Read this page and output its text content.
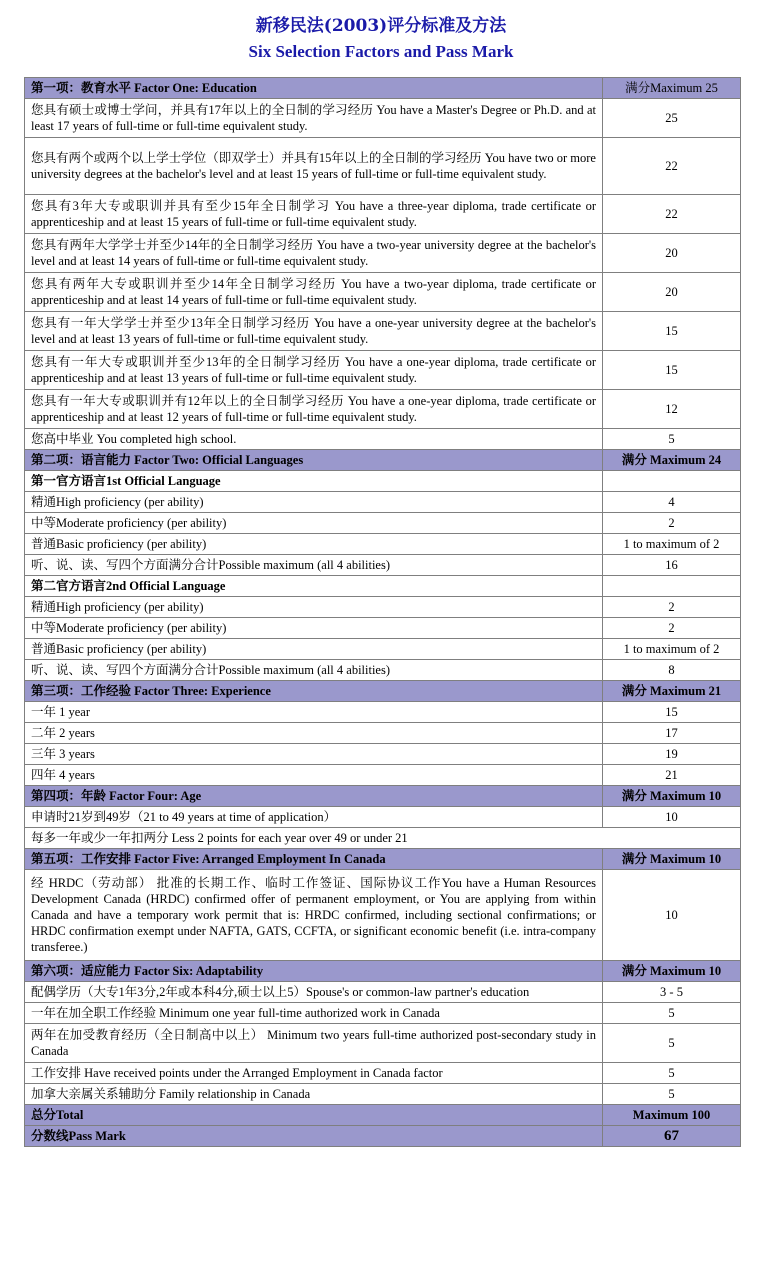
新移民法(2003)评分标准及方法
Six Selection Factors and Pass Mark
第一项：教育水平 Factor One: Education	满分Maximum 25
您具有硕士或博士学问，并具有17年以上的全日制的学习经历 You have a Master's Degree or Ph.D. and at least 17 years of full-time or full-time equivalent study.	25
您具有两个或两个以上学士学位（即双学士）并具有15年以上的全日制的学习经历 You have two or more university degrees at the bachelor's level and at least 15 years of full-time or full-time equivalent study.	22
您具有3年大专或职训并具有至少15年全日制学习 You have a three-year diploma, trade certificate or apprenticeship and at least 15 years of full-time or full-time equivalent study.	22
您具有两年大学学士并至少14年的全日制学习经历 You have a two-year university degree at the bachelor's level and at least 14 years of full-time or full-time equivalent study.	20
您具有两年大专或职训并至少14年全日制学习经历 You have a two-year diploma, trade certificate or apprenticeship and at least 14 years of full-time or full-time equivalent study.	20
您具有一年大学学士并至少13年全日制学习经历 You have a one-year university degree at the bachelor's level and at least 13 years of full-time or full-time equivalent study.	15
您具有一年大专或职训并至少13年的全日制学习经历 You have a one-year diploma, trade certificate or apprenticeship and at least 13 years of full-time or full-time equivalent study.	15
您具有一年大专或职训并有12年以上的全日制学习经历 You have a one-year diploma, trade certificate or apprenticeship and at least 12 years of full-time or full-time equivalent study.	12
您高中毕业 You completed high school.	5
第二项：语言能力 Factor Two: Official Languages	满分 Maximum 24
第一官方语言1st Official Language	
精通High proficiency (per ability)	4
中等Moderate proficiency (per ability)	2
普通Basic proficiency (per ability)	1 to maximum of 2
听、说、读、写四个方面满分合计Possible maximum (all 4 abilities)	16
第二官方语言2nd Official Language	
精通High proficiency (per ability)	2
中等Moderate proficiency (per ability)	2
普通Basic proficiency (per ability)	1 to maximum of 2
听、说、读、写四个方面满分合计Possible maximum (all 4 abilities)	8
第三项：工作经验 Factor Three: Experience	满分 Maximum 21
一年 1 year	15
二年 2 years	17
三年 3 years	19
四年 4 years	21
第四项：年龄 Factor Four: Age	满分 Maximum 10
申请时21岁到49岁（21 to 49 years at time of application）	10
每多一年或少一年扣两分 Less 2 points for each year over 49 or under 21	
第五项：工作安排 Factor Five: Arranged Employment In Canada	满分 Maximum 10
经 HRDC（劳动部） 批准的长期工作、临时工作签证、国际协议工作You have a Human Resources Development Canada (HRDC) confirmed offer of permanent employment, or You are applying from within Canada and have a temporary work permit that is: HRDC confirmed, including sectional confirmations; or HRDC confirmation exempt under NAFTA, GATS, CCFTA, or significant economic benefit (i.e. intra-company transferee.)	10
第六项：适应能力 Factor Six: Adaptability	满分 Maximum 10
配偶学历（大专1年3分,2年或本科4分,硕士以上5）Spouse's or common-law partner's education	3 - 5
一年在加全职工作经验 Minimum one year full-time authorized work in Canada	5
两年在加受教育经历（全日制高中以上） Minimum two years full-time authorized post-secondary study in Canada	5
工作安排 Have received points under the Arranged Employment in Canada factor	5
加拿大亲属关系辅助分 Family relationship in Canada	5
总分Total	Maximum 100
分数线Pass Mark	67
